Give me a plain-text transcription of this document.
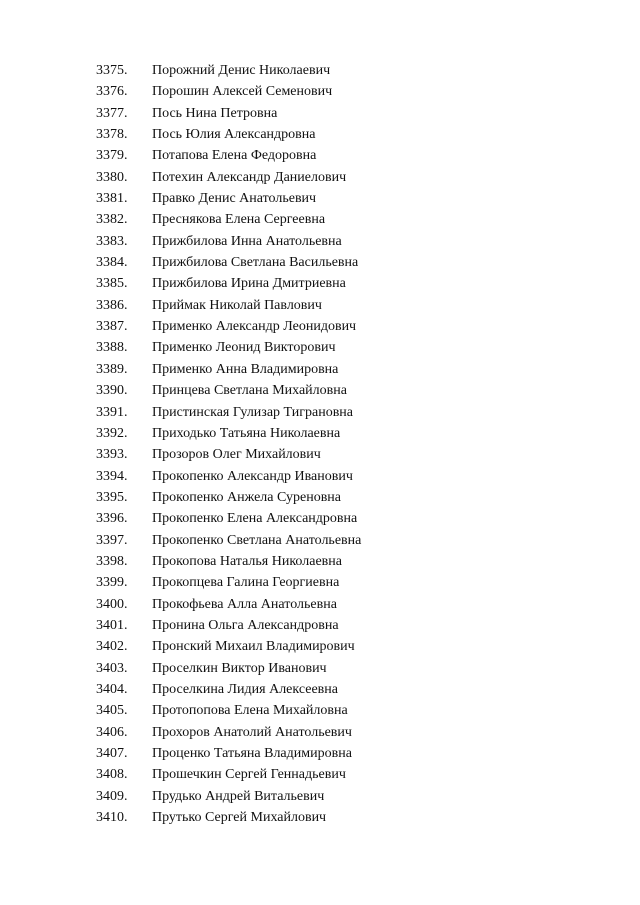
3375.	Порожний Денис Николаевич
3376.	Порошин Алексей Семенович
3377.	Пось Нина Петровна
3378.	Пось Юлия Александровна
3379.	Потапова Елена Федоровна
3380.	Потехин Александр Даниелович
3381.	Правко Денис Анатольевич
3382.	Преснякова Елена Сергеевна
3383.	Прижбилова Инна Анатольевна
3384.	Прижбилова Светлана Васильевна
3385.	Прижбилова Ирина Дмитриевна
3386.	Приймак Николай Павлович
3387.	Применко Александр Леонидович
3388.	Применко Леонид Викторович
3389.	Применко Анна Владимировна
3390.	Принцева Светлана Михайловна
3391.	Пристинская Гулизар Тиграновна
3392.	Приходько Татьяна Николаевна
3393.	Прозоров Олег Михайлович
3394.	Прокопенко Александр Иванович
3395.	Прокопенко Анжела Суреновна
3396.	Прокопенко Елена Александровна
3397.	Прокопенко Светлана Анатольевна
3398.	Прокопова Наталья Николаевна
3399.	Прокопцева Галина Георгиевна
3400.	Прокофьева Алла Анатольевна
3401.	Пронина Ольга Александровна
3402.	Пронский Михаил Владимирович
3403.	Проселкин Виктор Иванович
3404.	Проселкина Лидия Алексеевна
3405.	Протопопова Елена Михайловна
3406.	Прохоров Анатолий Анатольевич
3407.	Проценко Татьяна Владимировна
3408.	Прошечкин Сергей Геннадьевич
3409.	Прудько Андрей Витальевич
3410.	Прутько Сергей Михайлович
